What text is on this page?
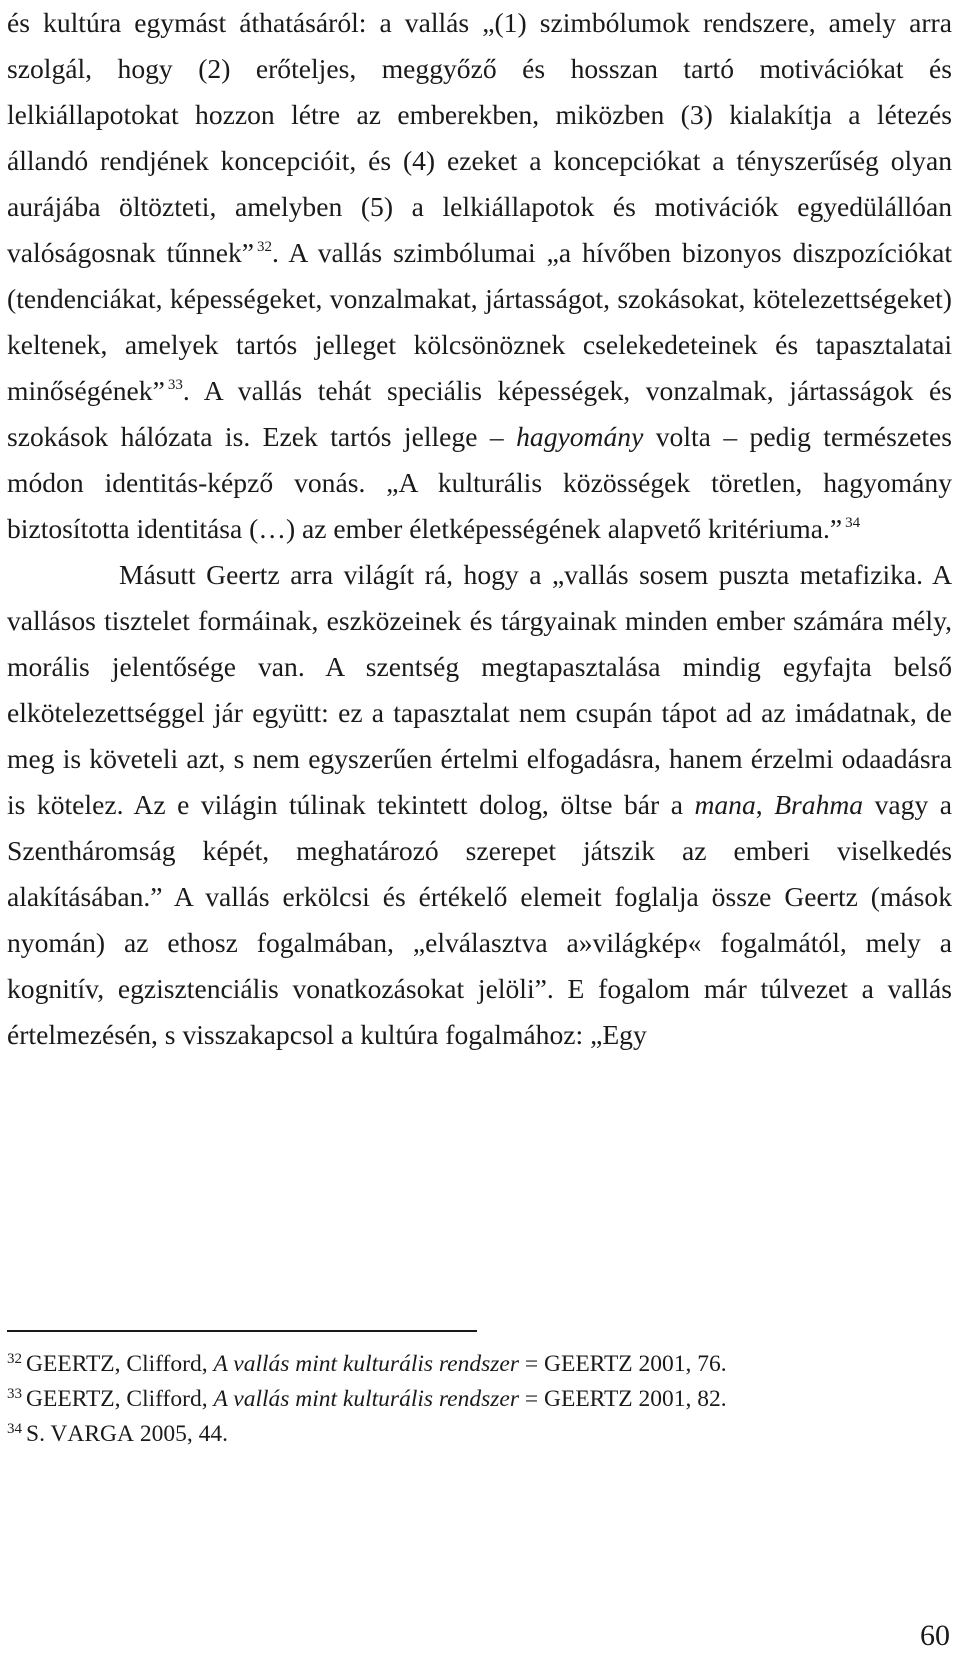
és kultúra egymást áthatásáról: a vallás „(1) szimbólumok rendszere, amely arra szolgál, hogy (2) erőteljes, meggyőző és hosszan tartó motivációkat és lelkiállapotokat hozzon létre az emberekben, miközben (3) kialakítja a létezés állandó rendjének koncepcióit, és (4) ezeket a koncepciókat a tényszerűség olyan aurájába öltözteti, amelyben (5) a lelkiállapotok és motivációk egyedülállóan valóságosnak tűnnek” $^{32}$. A vallás szimbólumai „a hívőben bizonyos diszpozíciókat (tendenciákat, képességeket, vonzalmakat, jártasságot, szokásokat, kötelezettségeket) keltenek, amelyek tartós jelleget kölcsönöznek cselekedeteinek és tapasztalatai minőségének” $^{33}$. A vallás tehát speciális képességek, vonzalmak, jártasságok és szokások hálózata is. Ezek tartós jellege – hagyomány volta – pedig természetes módon identitás-képző vonás. „A kulturális közösségek töretlen, hagyomány biztosította identitása (…) az ember életképességének alapvető kritériuma.” $^{34}$

Másutt Geertz arra világít rá, hogy a „vallás sosem puszta metafizika. A vallásos tisztelet formáinak, eszközeinek és tárgyainak minden ember számára mély, morális jelentősége van. A szentség megtapasztalása mindig egyfajta belső elkötelezettséggel jár együtt: ez a tapasztalat nem csupán tápot ad az imádatnak, de meg is követeli azt, s nem egyszerűen értelmi elfogadásra, hanem érzelmi odaadásra is kötelez. Az e világin túlinak tekintett dolog, öltse bár a mana, Brahma vagy a Szentháromság képét, meghatározó szerepet játszik az emberi viselkedés alakításában.” A vallás erkölcsi és értékelő elemeit foglalja össze Geertz (mások nyomán) az ethosz fogalmában, „elválasztva a»világkép« fogalmától, mely a kognitív, egzisztenciális vonatkozásokat jelöli”. E fogalom már túlvezet a vallás értelmezésén, s visszakapcsol a kultúra fogalmához: „Egy

$^{32}$ GEERTZ, Clifford, A vallás mint kulturális rendszer = GEERTZ 2001, 76.
$^{33}$ GEERTZ, Clifford, A vallás mint kulturális rendszer = GEERTZ 2001, 82.
$^{34}$ S. VARGA 2005, 44.
60
